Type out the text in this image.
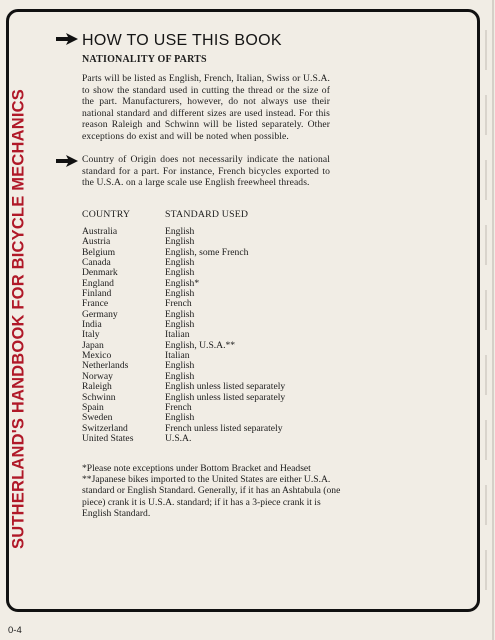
SUTHERLAND'S HANDBOOK FOR BICYCLE MECHANICS
HOW TO USE THIS BOOK
NATIONALITY OF PARTS

Parts will be listed as English, French, Italian, Swiss or U.S.A. to show the standard used in cutting the thread or the size of the part. Manufacturers, however, do not always use their national standard and different sizes are used instead. For this reason Raleigh and Schwinn will be listed separately. Other exceptions do exist and will be noted when possible.

Country of Origin does not necessarily indicate the national standard for a part. For instance, French bicycles exported to the U.S.A. on a large scale use English freewheel threads.

COUNTRY	STANDARD USED
Australia	English
Austria	English
Belgium	English, some French
Canada	English
Denmark	English
England	English*
Finland	English
France	French
Germany	English
India	English
Italy	Italian
Japan	English, U.S.A.**
Mexico	Italian
Netherlands	English
Norway	English
Raleigh	English unless listed separately
Schwinn	English unless listed separately
Spain	French
Sweden	English
Switzerland	French unless listed separately
United States	U.S.A.

*Please note exceptions under Bottom Bracket and Headset

**Japanese bikes imported to the United States are either U.S.A. standard or English Standard. Generally, if it has an Ashtabula (one piece) crank it is U.S.A. standard; if it has a 3-piece crank it is English Standard.

0-4
